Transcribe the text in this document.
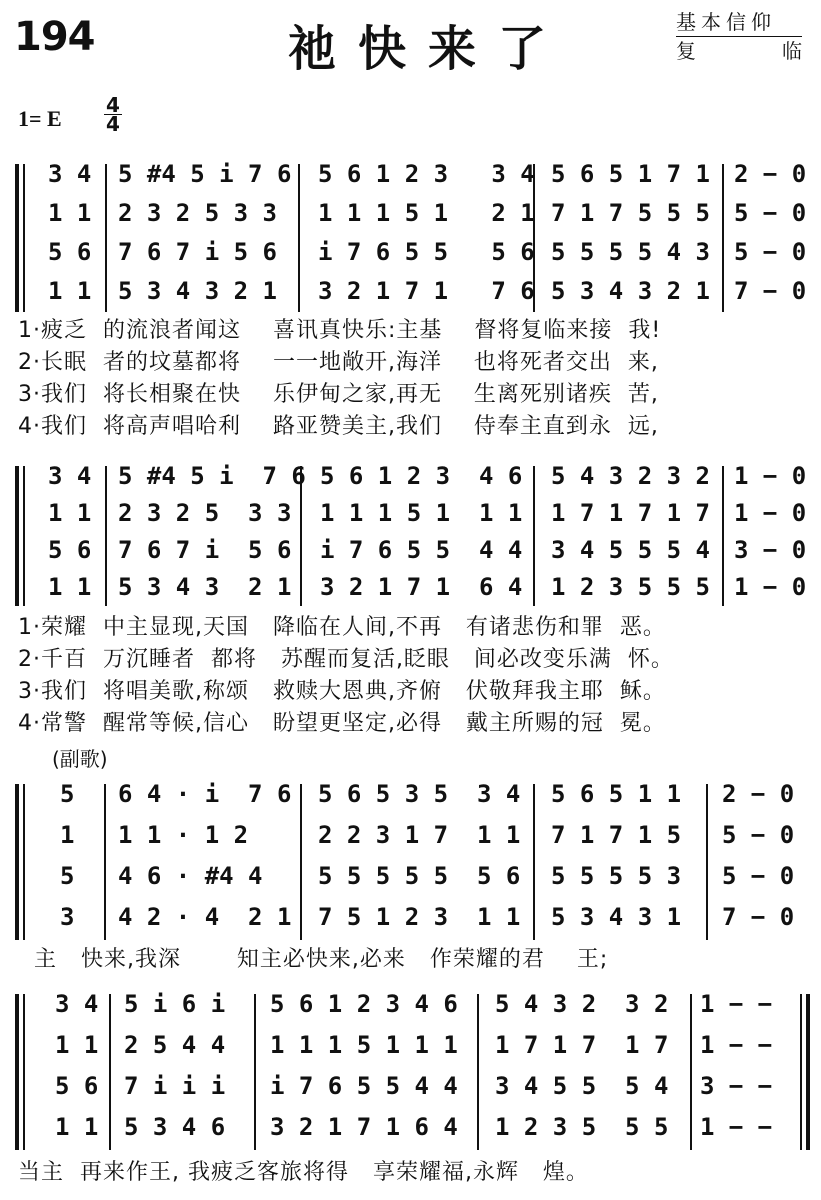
194	祂快来了	基本信仰
复	临
1= E
4
4
3 4 5 #4 5 i 7 6 5 6 1 2 3   3 4 5 6 5 1 7 1 2 − 0
1 1 2 3 2 5 3 3 1 1 1 5 1   2 1 7 1 7 5 5 5 5 − 0
5 6 7 6 7 i 5 6 i 7 6 5 5   5 6 5 5 5 5 4 3 5 − 0
1 1 5 3 4 3 2 1 3 2 1 7 1   7 6 5 3 4 3 2 1 7 − 0
1·疲乏  的流浪者闻这    喜讯真快乐:主基    督将复临来接  我!
2·长眠  者的坟墓都将    一一地敞开,海洋    也将死者交出  来,
3·我们  将长相聚在快    乐伊甸之家,再无    生离死别诸疾  苦,
4·我们  将高声唱哈利    路亚赞美主,我们    侍奉主直到永  远,
3 4 5 #4 5 i  7 6 5 6 1 2 3  4 6 5 4 3 2 3 2 1 − 0
1 1 2 3 2 5  3 3 1 1 1 5 1  1 1 1 7 1 7 1 7 1 − 0
5 6 7 6 7 i  5 6 i 7 6 5 5  4 4 3 4 5 5 5 4 3 − 0
1 1 5 3 4 3  2 1 3 2 1 7 1  6 4 1 2 3 5 5 5 1 − 0
1·荣耀  中主显现,天国   降临在人间,不再   有诸悲伤和罪  恶。
2·千百  万沉睡者  都将   苏醒而复活,眨眼   间必改变乐满  怀。
3·我们  将唱美歌,称颂   救赎大恩典,齐俯   伏敬拜我主耶  稣。
4·常警  醒常等候,信心   盼望更坚定,必得   戴主所赐的冠  冕。
(副歌)
5 6 4 · i  7 6 5 6 5 3 5  3 4 5 6 5 1 1 2 − 0
1 1 1 · 1 2	2 2 3 1 7  1 1 7 1 7 1 5 5 − 0
5 4 6 · #4 4 5 5 5 5 5  5 6 5 5 5 5 3 5 − 0
3 4 2 · 4  2 1 7 5 1 2 3  1 1 5 3 4 3 1 7 − 0
主   快来,我深       知主必快来,必来   作荣耀的君    王;
3 4 5 i 6 i 5 6 1 2 3 4 6 5 4 3 2  3 2 1 − −
1 1 2 5 4 4 1 1 1 5 1 1 1 1 7 1 7  1 7 1 − −
5 6 7 i i i i 7 6 5 5 4 4 3 4 5 5  5 4 3 − −
1 1 5 3 4 6 3 2 1 7 1 6 4 1 2 3 5  5 5 1 − −
当主  再来作王, 我疲乏客旅将得   享荣耀福,永辉   煌。
